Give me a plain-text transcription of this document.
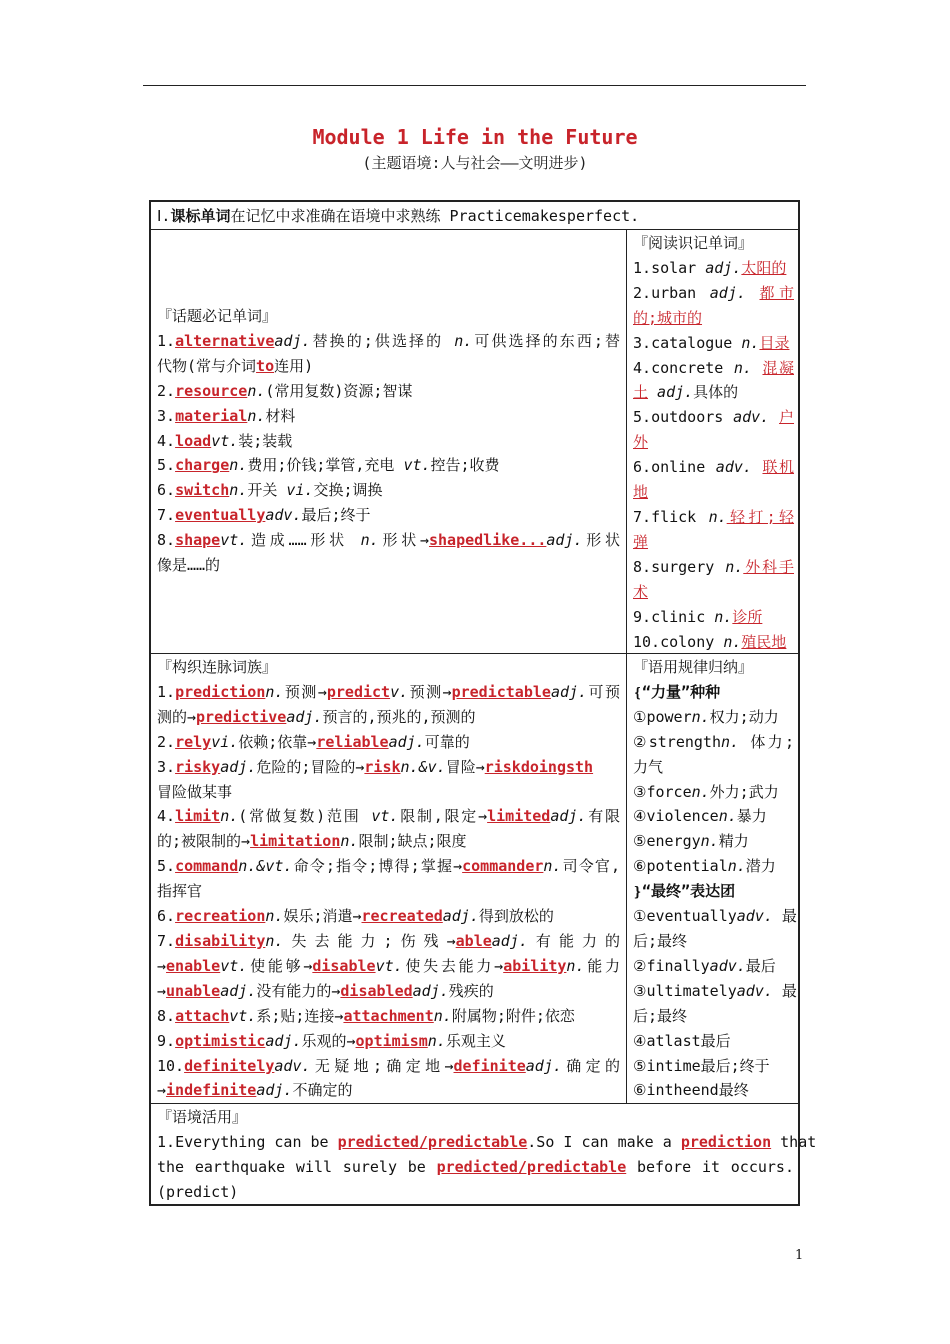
Module 1 Life in the Future
(主题语境:人与社会——文明进步)
Ⅰ.课标单词在记忆中求准确在语境中求熟练 Practicemakesperfect.
『话题必记单词』
1.alternativeadj.替换的;供选择的 n.可供选择的东西;替
代物(常与介词to连用)
2.resourcen.(常用复数)资源;智谋
3.materialn.材料
4.loadvt.装;装载
5.chargen.费用;价钱;掌管,充电 vt.控告;收费
6.switchn.开关 vi.交换;调换
7.eventuallyadv.最后;终于
8.shapevt.造成……形状 n.形状→shapedlike...adj.形状
像是……的
『阅读识记单词』
1.solar adj.太阳的
2.urban adj. 都市
的;城市的
3.catalogue n.目录
4.concrete n. 混凝
土 adj.具体的
5.outdoors adv. 户
外
6.online adv. 联机
地
7.flick n.轻打;轻
弹
8.surgery n.外科手
术
9.clinic n.诊所
10.colony n.殖民地
『构织连脉词族』
1.predictionn.预测→predictv.预测→predictableadj.可预
测的→predictiveadj.预言的,预兆的,预测的
2.relyvi.依赖;依靠→reliableadj.可靠的
3.riskyadj.危险的;冒险的→riskn.&v.冒险→riskdoingsth
冒险做某事
4.limitn.(常做复数)范围 vt.限制,限定→limitedadj.有限
的;被限制的→limitationn.限制;缺点;限度
5.commandn.&vt.命令;指令;博得;掌握→commandern.司令官,
指挥官
6.recreationn.娱乐;消遣→recreatedadj.得到放松的
7.disabilityn.失去能力;伤残→ableadj.有能力的
→enablevt.使能够→disablevt.使失去能力→abilityn.能力
→unableadj.没有能力的→disabledadj.残疾的
8.attachvt.系;贴;连接→attachmentn.附属物;附件;依恋
9.optimisticadj.乐观的→optimismn.乐观主义
10.definitelyadv.无疑地;确定地→definiteadj.确定的
→indefiniteadj.不确定的
『语用规律归纳』
❴“力量”种种
①powern.权力;动力
②strengthn. 体力;
力气
③forcen.外力;武力
④violencen.暴力
⑤energyn.精力
⑥potentialn.潜力
❵“最终”表达团
①eventuallyadv. 最
后;最终
②finallyadv.最后
③ultimatelyadv. 最
后;最终
④atlast最后
⑤intime最后;终于
⑥intheend最终
『语境活用』
1.Everything can be predicted/predictable.So I can make a prediction that
the earthquake will surely be predicted/predictable before it occurs.
(predict)
1
